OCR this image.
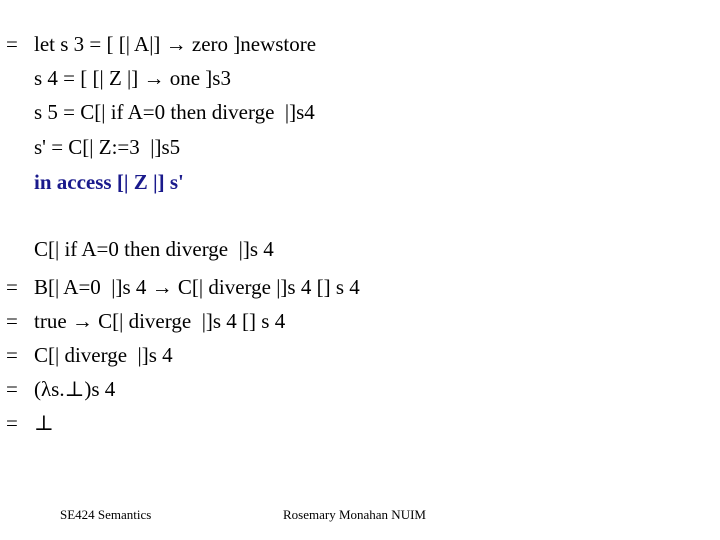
= let s 3 = [ [| A|] → zero ]newstore
s 4 = [ [| Z |] → one ]s3
s 5 = C[| if A=0 then diverge  |]s4
s' = C[| Z:=3  |]s5
in access [| Z |] s'
C[| if A=0 then diverge  |]s 4
= B[| A=0  |]s 4 → C[| diverge |]s 4 [] s 4
= true → C[| diverge  |]s 4 [] s 4
= C[| diverge  |]s 4
= (λs.⊥)s 4
= ⊥
SE424 Semantics	Rosemary Monahan NUIM
